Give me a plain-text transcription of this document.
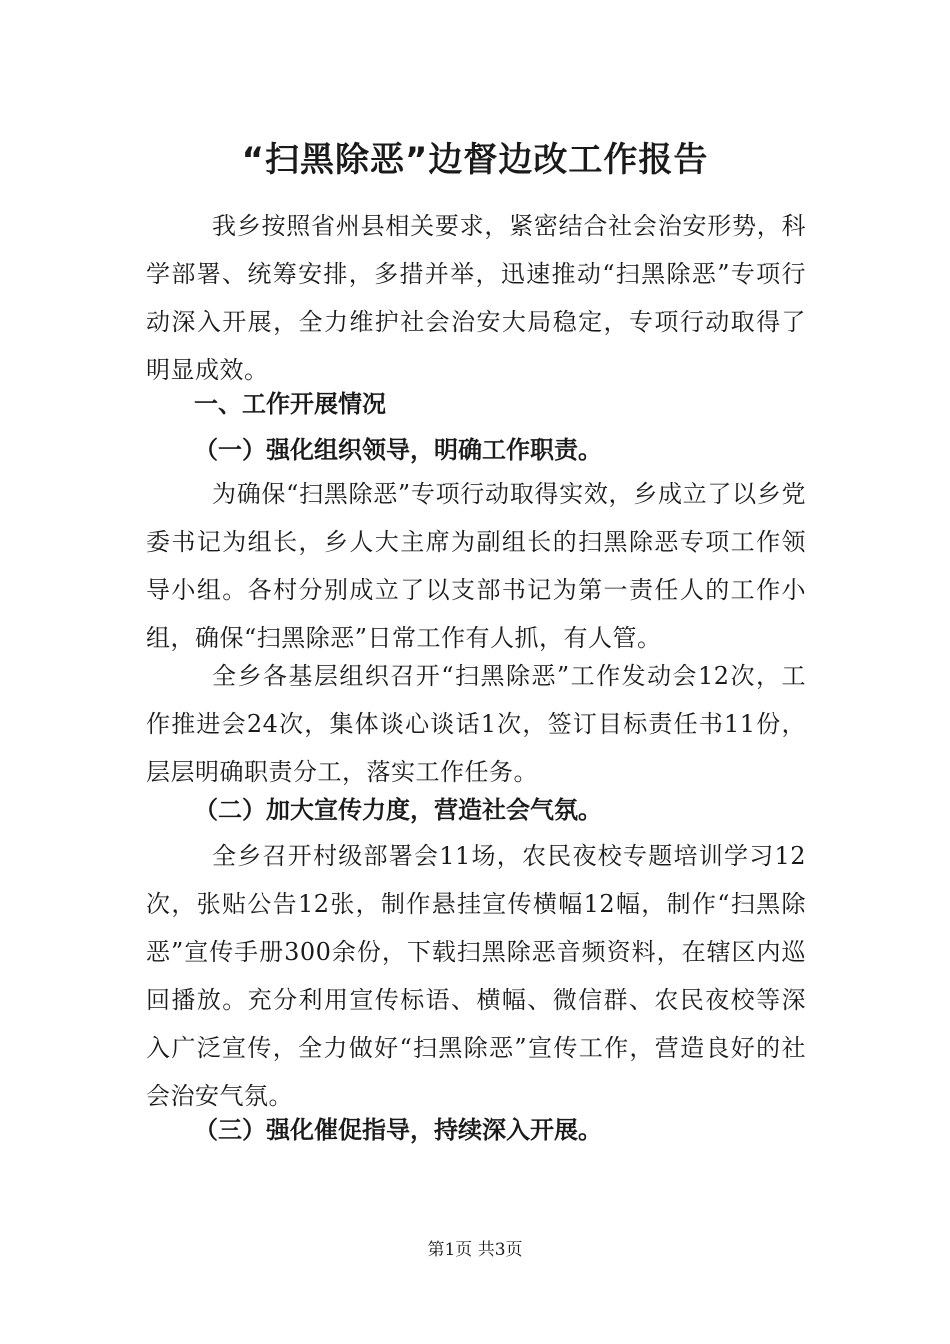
“扫黑除恶”边督边改工作报告

我乡按照省州县相关要求，紧密结合社会治安形势，科学部署、统筹安排，多措并举，迅速推动“扫黑除恶”专项行动深入开展，全力维护社会治安大局稳定，专项行动取得了明显成效。

一、工作开展情况
（一）强化组织领导，明确工作职责。

为确保“扫黑除恶”专项行动取得实效，乡成立了以乡党委书记为组长，乡人大主席为副组长的扫黑除恶专项工作领导小组。各村分别成立了以支部书记为第一责任人的工作小组，确保“扫黑除恶”日常工作有人抓，有人管。

全乡各基层组织召开“扫黑除恶”工作发动会12次，工作推进会24次，集体谈心谈话1次，签订目标责任书11份，层层明确职责分工，落实工作任务。

（二）加大宣传力度，营造社会气氛。

全乡召开村级部署会11场，农民夜校专题培训学习12次，张贴公告12张，制作悬挂宣传横幅12幅，制作“扫黑除恶”宣传手册300余份，下载扫黑除恶音频资料，在辖区内巡回播放。充分利用宣传标语、横幅、微信群、农民夜校等深入广泛宣传，全力做好“扫黑除恶”宣传工作，营造良好的社会治安气氛。

（三）强化催促指导，持续深入开展。
第1页 共3页
